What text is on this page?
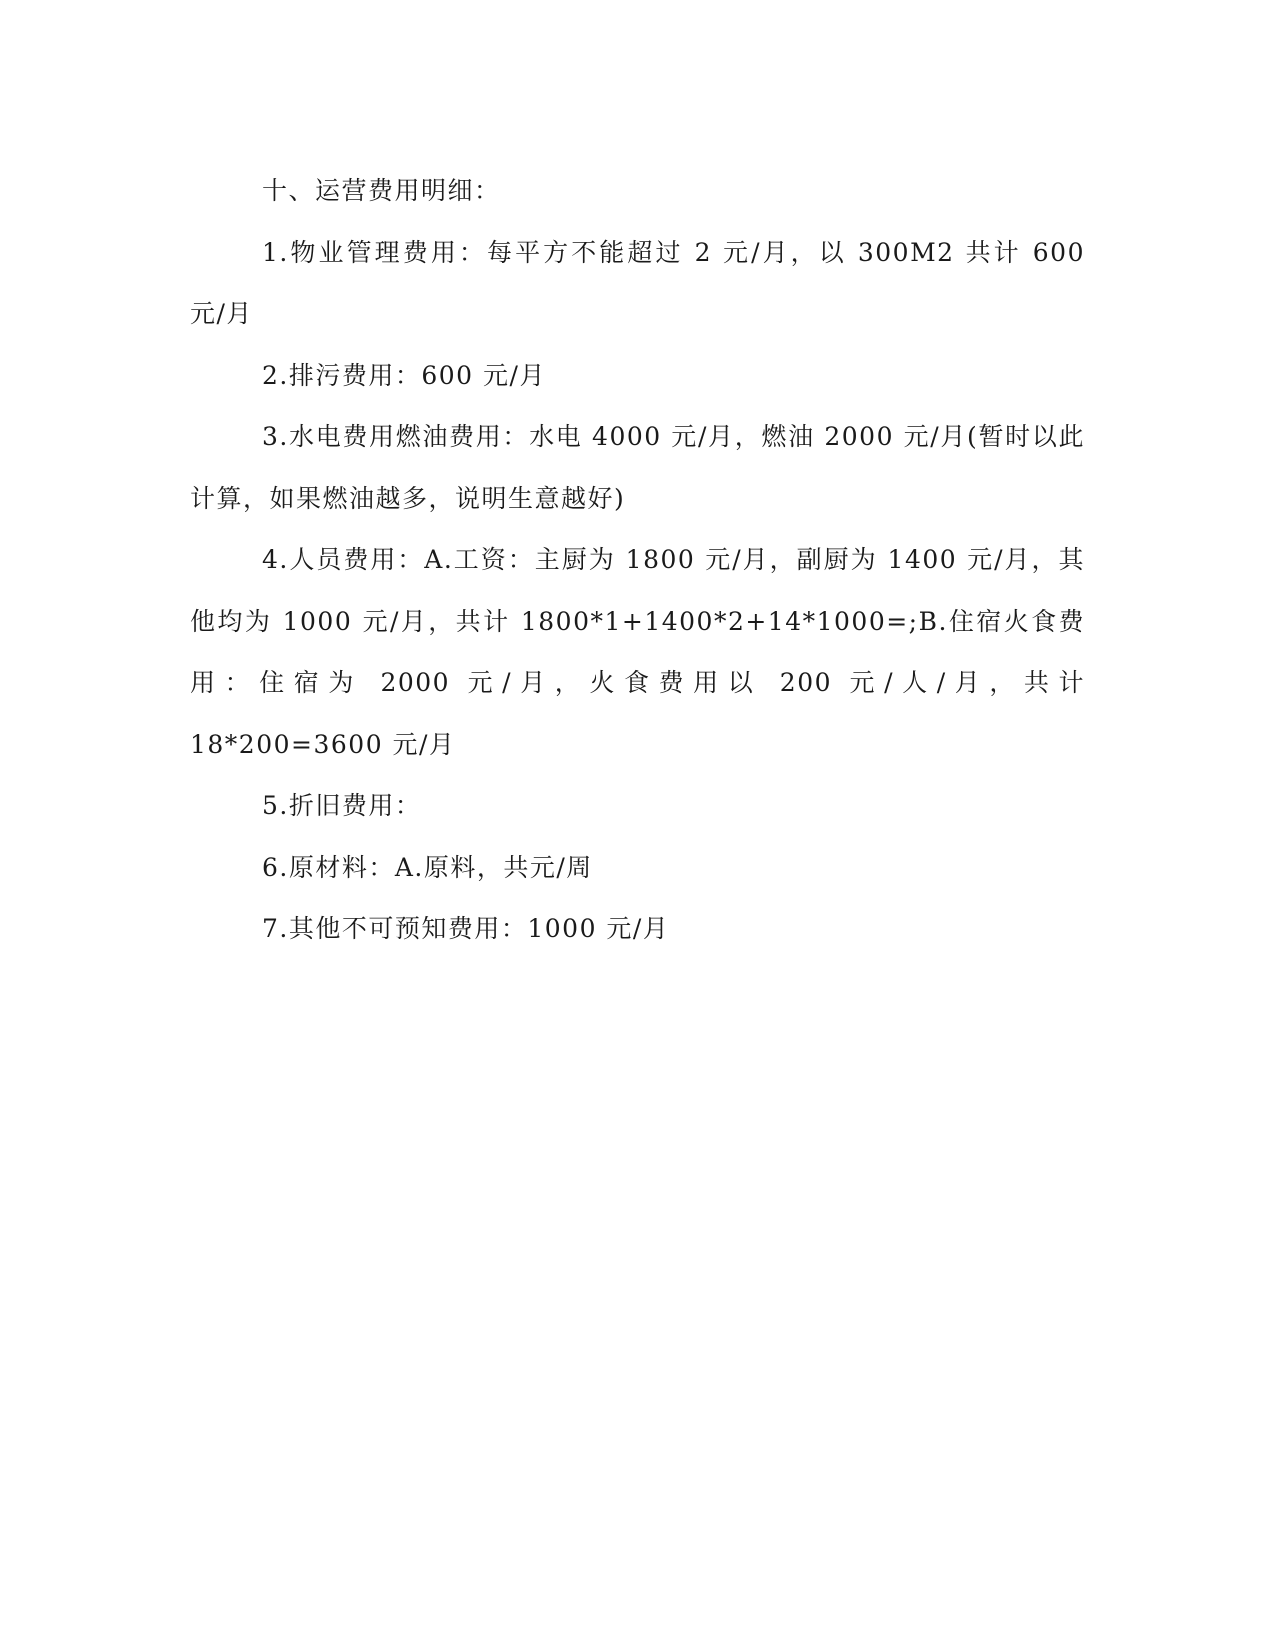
十、运营费用明细：

1.物业管理费用：每平方不能超过 2 元/月，以 300M2 共计 600 元/月

2.排污费用：600 元/月

3.水电费用燃油费用：水电 4000 元/月，燃油 2000 元/月(暂时以此计算，如果燃油越多，说明生意越好)

4.人员费用：A.工资：主厨为 1800 元/月，副厨为 1400 元/月，其他均为 1000 元/月，共计 1800*1+1400*2+14*1000=;B.住宿火食费用：住宿为 2000 元/月，火食费用以 200 元/人/月，共计 18*200=3600 元/月

5.折旧费用：

6.原材料：A.原料，共元/周

7.其他不可预知费用：1000 元/月
